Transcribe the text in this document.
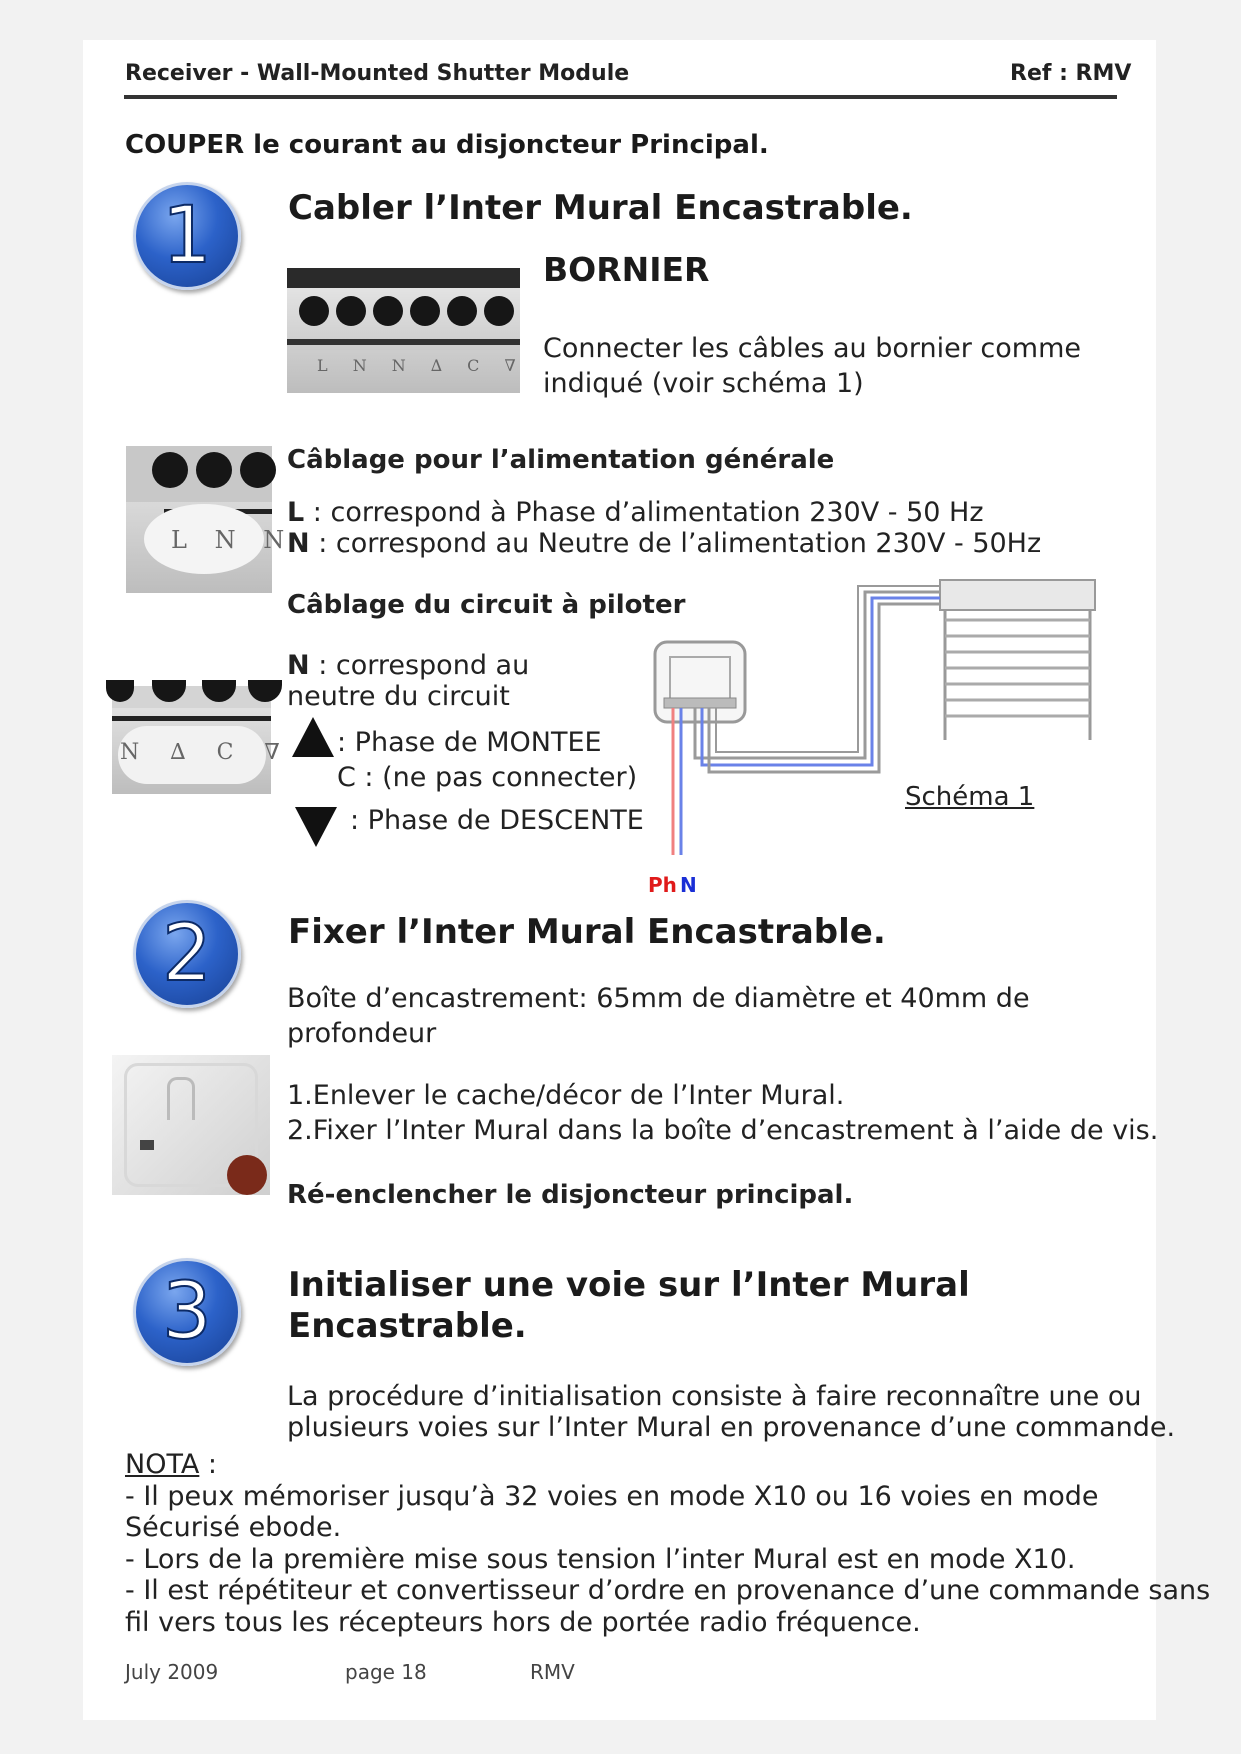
Receiver - Wall-Mounted Shutter Module	Ref : RMV
COUPER le courant au disjoncteur Principal.
1	Cabler l’Inter Mural Encastrable.
L N N ∆ C ∇
BORNIER
Connecter les câbles au bornier comme
indiqué (voir schéma 1)
L N N
Câblage pour l’alimentation générale
L : correspond à Phase d’alimentation 230V - 50 Hz
N : correspond au Neutre de l’alimentation 230V - 50Hz
Câblage du circuit à piloter
N ∆ C ∇
N : correspond au
neutre du circuit
: Phase de MONTEE
C : (ne pas connecter)
: Phase de DESCENTE
Schéma 1
Ph N
2	Fixer l’Inter Mural Encastrable.
Boîte d’encastrement: 65mm de diamètre et 40mm de
profondeur
1.Enlever le cache/décor de l’Inter Mural.
2.Fixer l’Inter Mural dans la boîte d’encastrement à l’aide de vis.
Ré-enclencher le disjoncteur principal.
3	Initialiser une voie sur l’Inter Mural
Encastrable.
La procédure d’initialisation consiste à faire reconnaître une ou
plusieurs voies sur l’Inter Mural en provenance d’une commande.
NOTA :
- Il peux mémoriser jusqu’à 32 voies en mode X10 ou 16 voies en mode
Sécurisé ebode.
- Lors de la première mise sous tension l’inter Mural est en mode X10.
- Il est répétiteur et convertisseur d’ordre en provenance d’une commande sans
fil vers tous les récepteurs hors de portée radio fréquence.
July 2009	page 18	RMV
